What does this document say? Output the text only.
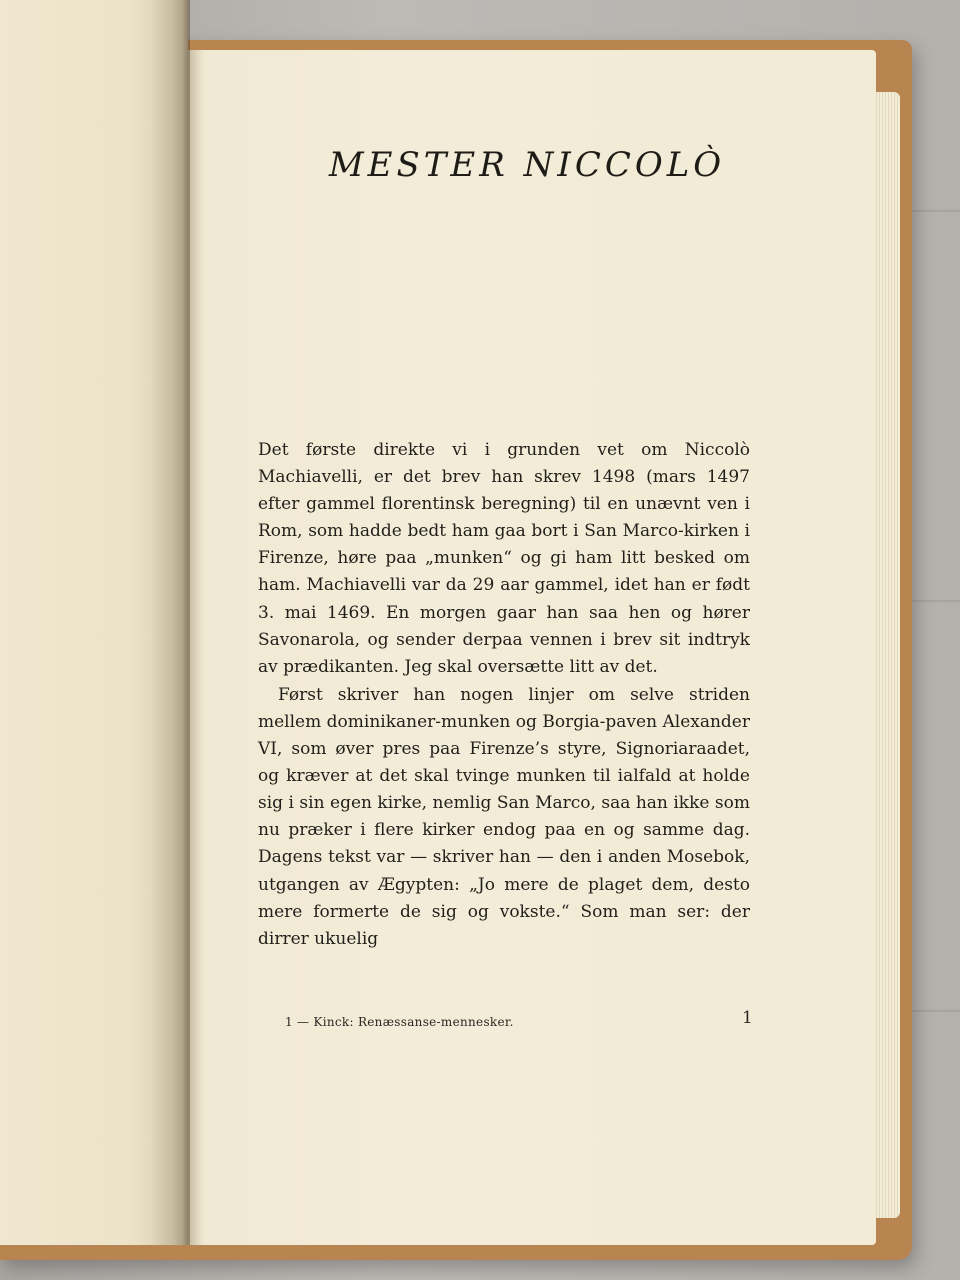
MESTER NICCOLÒ

Det første direkte vi i grunden vet om Niccolò Machiavelli, er det brev han skrev 1498 (mars 1497 efter gammel florentinsk beregning) til en unævnt ven i Rom, som hadde bedt ham gaa bort i San Marco-kirken i Firenze, høre paa „munken“ og gi ham litt besked om ham. Machiavelli var da 29 aar gammel, idet han er født 3. mai 1469. En morgen gaar han saa hen og hører Savonarola, og sender derpaa vennen i brev sit indtryk av prædikanten. Jeg skal oversætte litt av det.

Først skriver han nogen linjer om selve striden mellem dominikaner-munken og Borgia-paven Alexander VI, som øver pres paa Firenze’s styre, Signoriaraadet, og kræver at det skal tvinge munken til ialfald at holde sig i sin egen kirke, nemlig San Marco, saa han ikke som nu præker i flere kirker endog paa en og samme dag. Dagens tekst var — skriver han — den i anden Mosebok, utgangen av Ægypten: „Jo mere de plaget dem, desto mere formerte de sig og vokste.“ Som man ser: der dirrer ukuelig

1 — Kinck: Renæssanse-mennesker.	1
